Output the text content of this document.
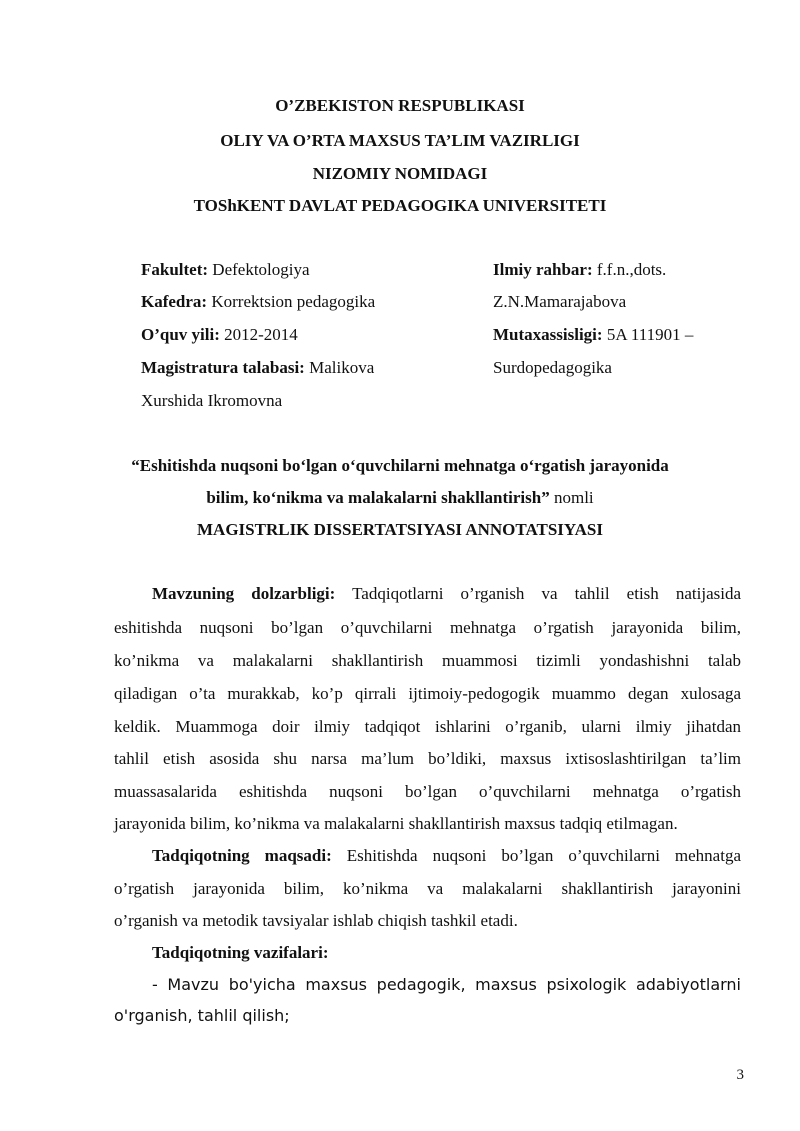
O’ZBEKISTON RESPUBLIKASI
OLIY VA O’RTA MAXSUS TA’LIM VAZIRLIGI
NIZOMIY NOMIDAGI
TOShKENT DAVLAT PEDAGOGIKA UNIVERSITETI
Fakultet: Defektologiya
Kafedra: Korrektsion pedagogika
O’quv yili: 2012-2014
Magistratura talabasi: Malikova
Xurshida Ikromovna
Ilmiy rahbar: f.f.n.,dots.
Z.N.Mamarajabova
Mutaxassisligi: 5A 111901 –
Surdopedagogika
“Eshitishda nuqsoni bo‘lgan o‘quvchilarni mehnatga o‘rgatish jarayonida
bilim, ko‘nikma va malakalarni shakllantirish” nomli
MAGISTRLIK DISSERTATSIYASI ANNOTATSIYASI
Mavzuning dolzarbligi: Tadqiqotlarni o’rganish va tahlil etish natijasida
eshitishda nuqsoni bo’lgan o’quvchilarni mehnatga o’rgatish jarayonida bilim,
ko’nikma va malakalarni shakllantirish muammosi tizimli yondashishni talab
qiladigan o’ta murakkab, ko’p qirrali ijtimoiy-pedogogik muammo degan xulosaga
keldik. Muammoga doir ilmiy tadqiqot ishlarini o’rganib, ularni ilmiy jihatdan
tahlil etish asosida shu narsa ma’lum bo’ldiki, maxsus ixtisoslashtirilgan ta’lim
muassasalarida eshitishda nuqsoni bo’lgan o’quvchilarni mehnatga o’rgatish
jarayonida bilim, ko’nikma va malakalarni shakllantirish maxsus tadqiq etilmagan.
Tadqiqotning maqsadi: Eshitishda nuqsoni bo’lgan o’quvchilarni mehnatga
o’rgatish jarayonida bilim, ko’nikma va malakalarni shakllantirish jarayonini
o’rganish va metodik tavsiyalar ishlab chiqish tashkil etadi.
Tadqiqotning vazifalari:
- Mavzu bo'yicha maxsus pedagogik, maxsus psixologik adabiyotlarni
o'rganish, tahlil qilish;
3
